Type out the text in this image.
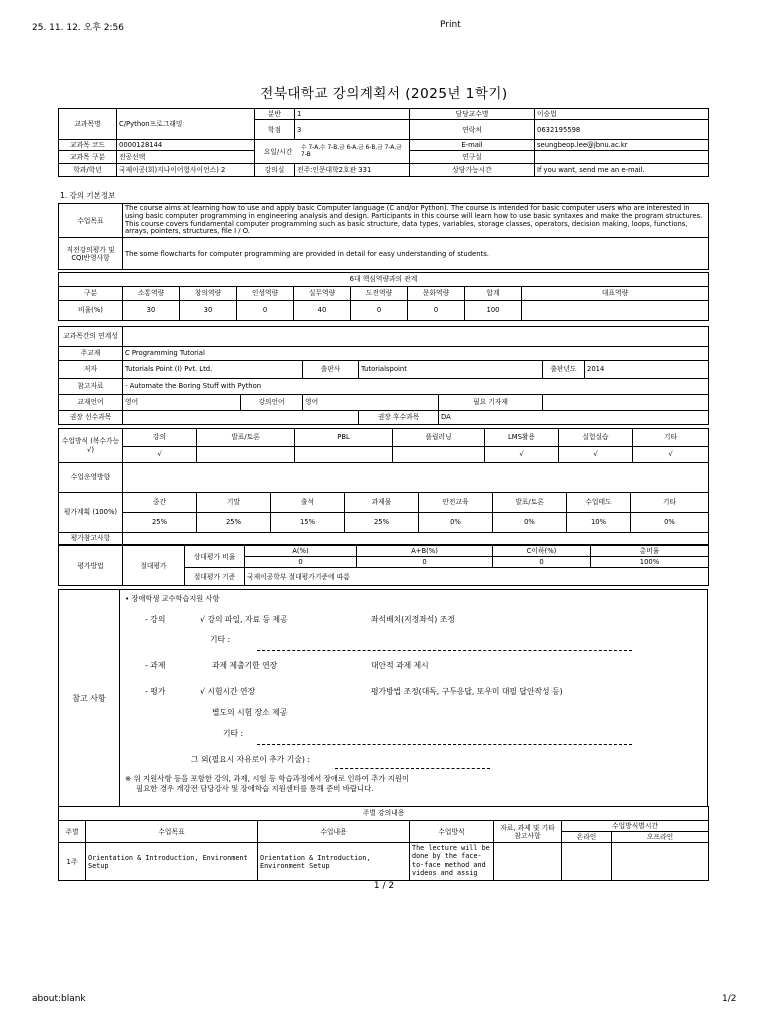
25. 11. 12. 오후 2:56	Print
전북대학교 강의계획서 (2025년 1학기)
교과목명	C/Python프로그래밍	분반	1	담당교수명	이승법
		학점	3	연락처	0632195598
교과목 코드	0000128144	요일/시간 수 7-A,수 7-B,금 6-A,금 6-B,금 7-A,금 7-B		E-mail	seungbeop.lee@jbnu.ac.kr
교과목 구분	전공선택			연구실	
학과/학년	국제이공(회)지나이어험사이언스) 2	강의실	전주:인문대학2호관 331	상담가능시간	If you want, send me an e-mail.
1. 강의 기본정보
수업목표	The course aims at learning how to use and apply basic Computer language (C and/or Python). The course is intended for basic computer users who are interested in using basic computer programming in engineering analysis and design. Participants in this course will learn how to use basic syntaxes and make the program structures. This course covers fundamental computer programming such as basic structure, data types, variables, storage classes, operators, decision making, loops, functions, arrays, pointers, structures, file I / O.
직전강의평가 및 CQI반영사항	The some flowcharts for computer programming are provided in detail for easy understanding of students.
6대 핵심역량과의 관계								
구분	소통역량	창의역량	인성역량	실무역량	도전역량	문화역량	합계	대표역량
비율(%)	30	30	0	40	0	0	100	
교과목간의 연계성							
주교재	C Programming Tutorial						
저자	Tutorials Point (I) Pvt. Ltd.		출판사	Tutorialspoint		출판년도	2014
참고자료	- Automate the Boring Stuff with Python						
교재언어	영어	강의언어	영어		필요 기자재		
권장 선수과목				권장 후수과목	DA		
수업방식 (복수가능√)	강의	발표/토론	PBL	플립러닝	LMS활용	실험실습	기타
	√				√	√	√
수업운영방향							
평가계획 (100%)	중간	기말	출석	과제물	안전교육	발표/토론	수업태도	기타
	25%	25%	15%	25%	0%	0%	10%	0%
평가참고사항								
평가방법	절대평가	상대평가 비율	A(%)	A+B(%)	C이하(%)	총비율
			0	0	0	100%
		절대평가 기준	국제이공학부 절대평가기준에 따름			
참고 사항
• 장애학생 교수학습지원 사항
- 강의	√ 강의 파일, 자료 등 제공	좌석배치(지정좌석) 조정
기타 :
- 과제	과제 제출기한 연장	대안적 과제 제시
- 평가	√ 시험시간 연장	평가방법 조정(대독, 구두응답, 또우미 대필 답안작성 등)
별도의 시험 장소 제공
기타 :
그 외(필요시 자유로이 추가 기술) :
※ 위 지원사항 등을 포함한 강의, 과제, 시험 등 학습과정에서 장애로 인하여 추가 지원이
필요한 경우 개강전 담당강사 및 장애학습 지원센터를 통해 준비 바랍니다.
주별 강의내용						
주별	수업목표	수업내용	수업방식	자료, 과제 및 기타 참고사항	수업방식별시간	
					온라인	오프라인
1주	Orientation & Introduction, Environment Setup	Orientation & Introduction, Environment Setup	The lecture will be done by the face-to-face method and videos and assig			
1 / 2
about:blank	1/2
